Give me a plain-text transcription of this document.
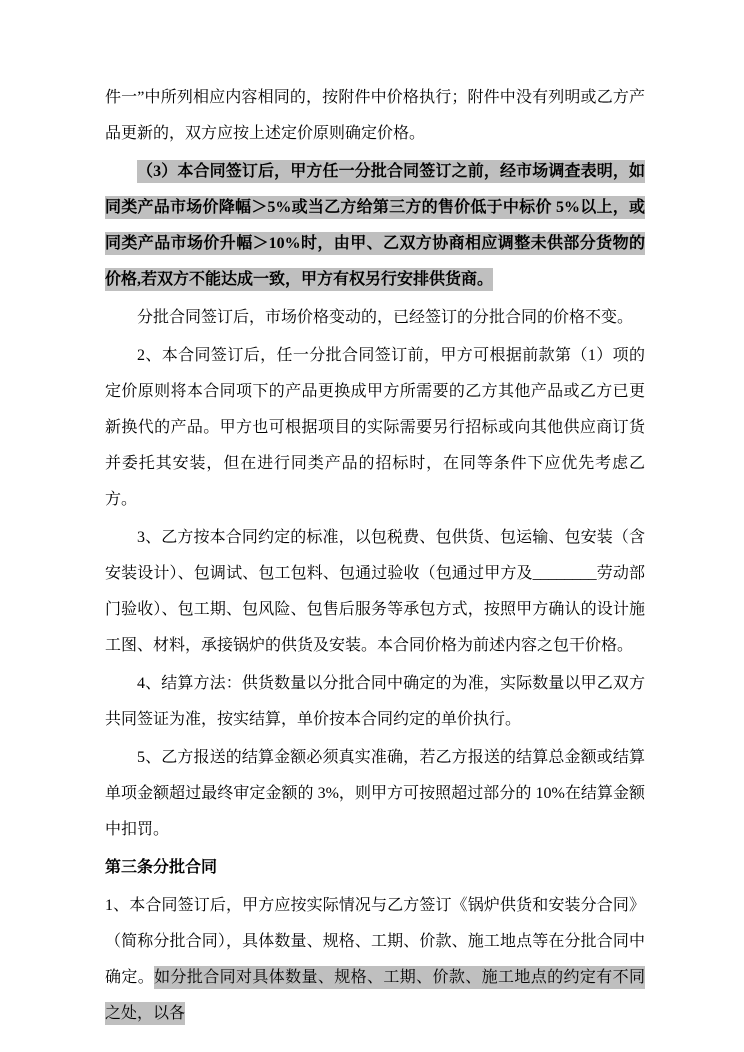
件一”中所列相应内容相同的，按附件中价格执行；附件中没有列明或乙方产品更新的，双方应按上述定价原则确定价格。

（3）本合同签订后，甲方任一分批合同签订之前，经市场调查表明，如同类产品市场价降幅＞5%或当乙方给第三方的售价低于中标价 5%以上，或同类产品市场价升幅＞10%时，由甲、乙双方协商相应调整未供部分货物的价格,若双方不能达成一致，甲方有权另行安排供货商。

分批合同签订后，市场价格变动的，已经签订的分批合同的价格不变。

2、本合同签订后，任一分批合同签订前，甲方可根据前款第（1）项的定价原则将本合同项下的产品更换成甲方所需要的乙方其他产品或乙方已更新换代的产品。甲方也可根据项目的实际需要另行招标或向其他供应商订货并委托其安装，但在进行同类产品的招标时，在同等条件下应优先考虑乙方。

3、乙方按本合同约定的标准，以包税费、包供货、包运输、包安装（含安装设计）、包调试、包工包料、包通过验收（包通过甲方及________劳动部门验收）、包工期、包风险、包售后服务等承包方式，按照甲方确认的设计施工图、材料，承接锅炉的供货及安装。本合同价格为前述内容之包干价格。

4、结算方法：供货数量以分批合同中确定的为准，实际数量以甲乙双方共同签证为准，按实结算，单价按本合同约定的单价执行。

5、乙方报送的结算金额必须真实准确，若乙方报送的结算总金额或结算单项金额超过最终审定金额的 3%，则甲方可按照超过部分的 10%在结算金额中扣罚。

第三条分批合同

1、本合同签订后，甲方应按实际情况与乙方签订《锅炉供货和安装分合同》（简称分批合同），具体数量、规格、工期、价款、施工地点等在分批合同中确定。如分批合同对具体数量、规格、工期、价款、施工地点的约定有不同之处，以各
